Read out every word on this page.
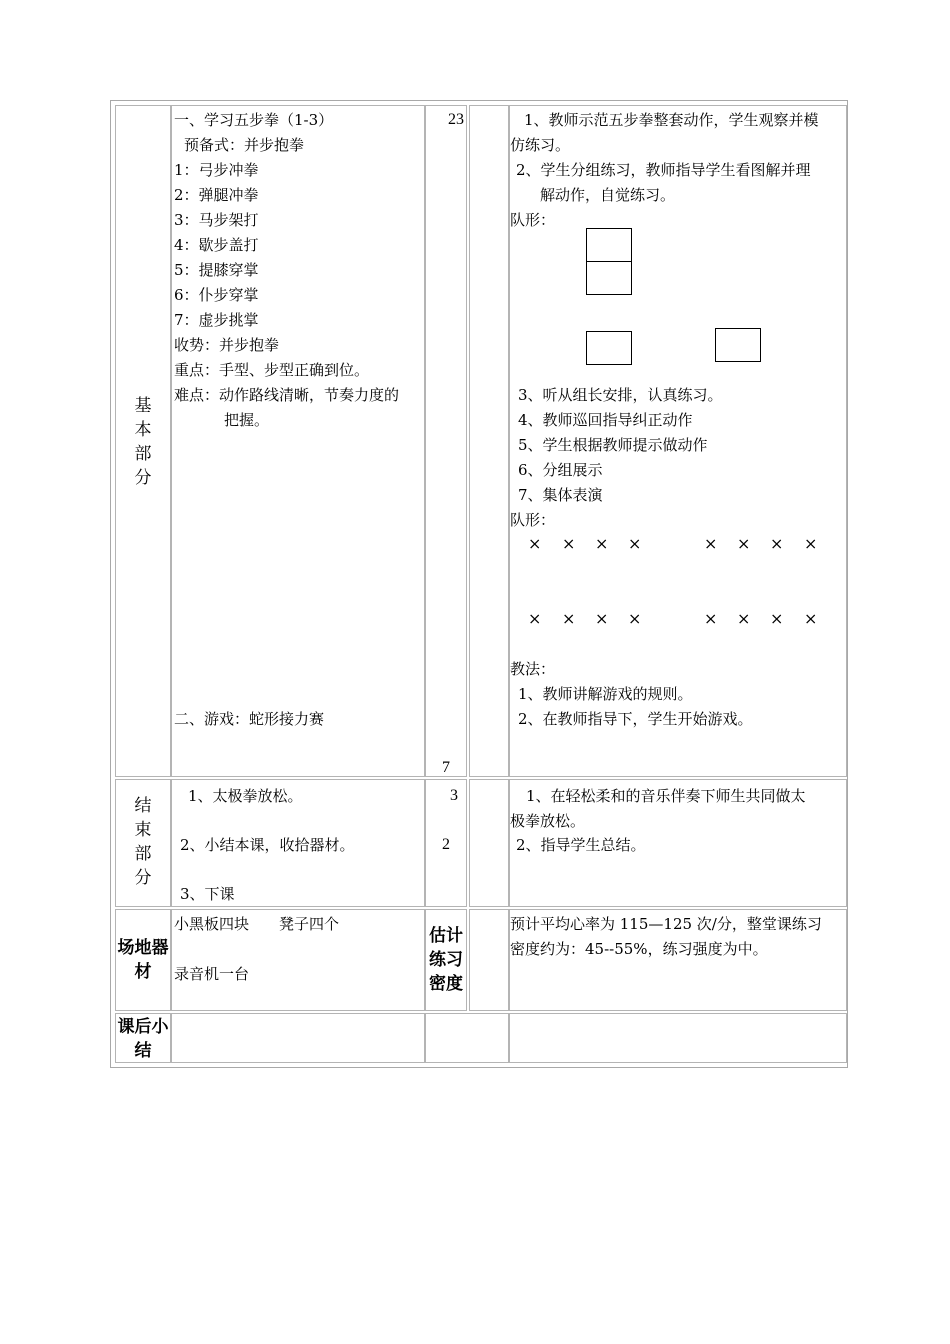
基
本
部
分
一、学习五步拳（1-3）
预备式：并步抱拳
1：弓步冲拳
2：弹腿冲拳
3：马步架打
4：歇步盖打
5：提膝穿掌
6：仆步穿掌
7：虚步挑掌
收势：并步抱拳
重点：手型、步型正确到位。
难点：动作路线清晰，节奏力度的
把握。
二、游戏：蛇形接力赛
23
7
1、教师示范五步拳整套动作，学生观察并模
仿练习。
2、学生分组练习，教师指导学生看图解并理
解动作，自觉练习。
队形：
3、听从组长安排，认真练习。
4、教师巡回指导纠正动作
5、学生根据教师提示做动作
6、分组展示
7、集体表演
队形：
× × × ×	× × × ×
× × × ×	× × × ×
教法：
1、教师讲解游戏的规则。
2、在教师指导下，学生开始游戏。
结
束
部
分
1、太极拳放松。
2、小结本课，收拾器材。
3、下课
3
2
1、在轻松柔和的音乐伴奏下师生共同做太
极拳放松。
2、指导学生总结。
场地器
材
小黑板四块　　凳子四个
录音机一台
估计
练习
密度
预计平均心率为 115—125 次/分，整堂课练习
密度约为：45--55%，练习强度为中。
课后小
结
